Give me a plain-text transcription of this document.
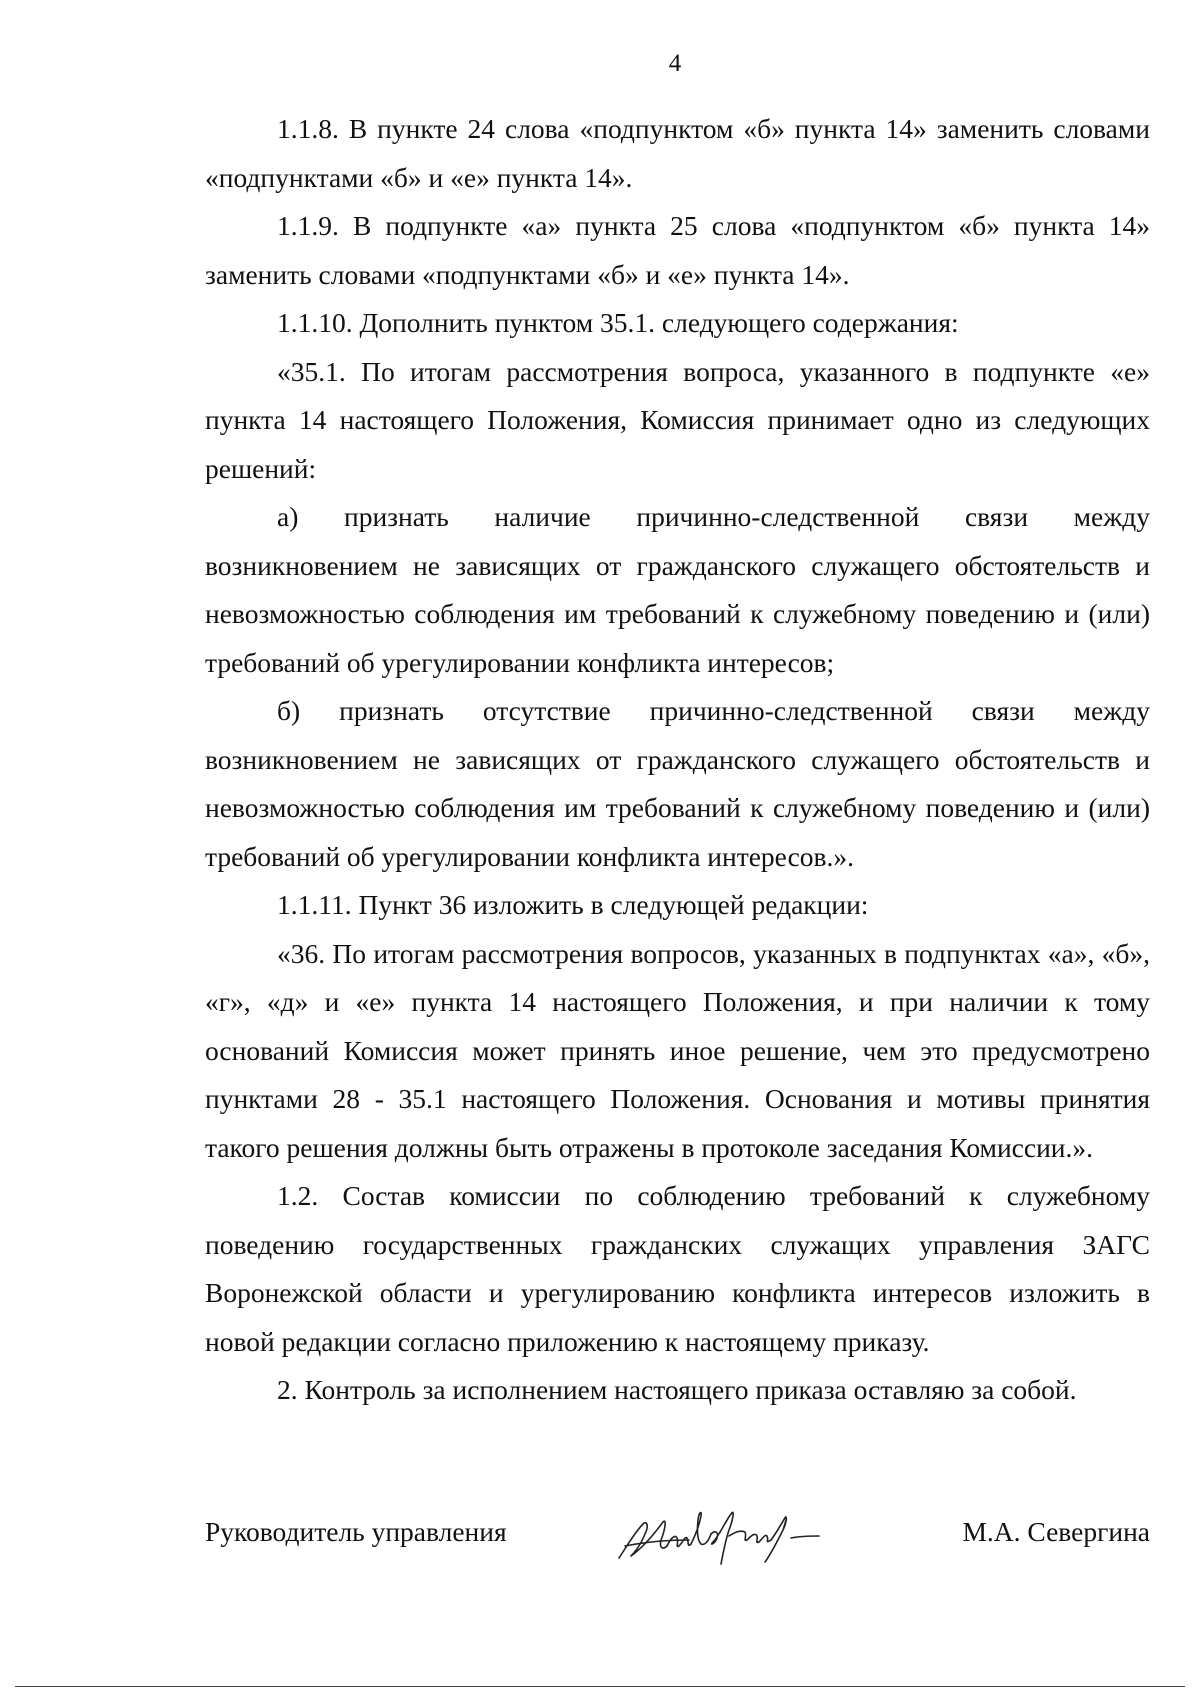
4

1.1.8. В пункте 24 слова «подпунктом «б» пункта 14» заменить словами «подпунктами «б» и «е» пункта 14».

1.1.9. В подпункте «а» пункта 25 слова «подпунктом «б» пункта 14» заменить словами «подпунктами «б» и «е» пункта 14».

1.1.10. Дополнить пунктом 35.1. следующего содержания:

«35.1. По итогам рассмотрения вопроса, указанного в подпункте «е» пункта 14 настоящего Положения, Комиссия принимает одно из следующих решений:

а) признать наличие причинно-следственной связи между возникновением не зависящих от гражданского служащего обстоятельств и невозможностью соблюдения им требований к служебному поведению и (или) требований об урегулировании конфликта интересов;

б) признать отсутствие причинно-следственной связи между возникновением не зависящих от гражданского служащего обстоятельств и невозможностью соблюдения им требований к служебному поведению и (или) требований об урегулировании конфликта интересов.».

1.1.11. Пункт 36 изложить в следующей редакции:

«36. По итогам рассмотрения вопросов, указанных в подпунктах «а», «б», «г», «д» и «е» пункта 14 настоящего Положения, и при наличии к тому оснований Комиссия может принять иное решение, чем это предусмотрено пунктами 28 - 35.1 настоящего Положения. Основания и мотивы принятия такого решения должны быть отражены в протоколе заседания Комиссии.».

1.2. Состав комиссии по соблюдению требований к служебному поведению государственных гражданских служащих управления ЗАГС Воронежской области и урегулированию конфликта интересов изложить в новой редакции согласно приложению к настоящему приказу.

2. Контроль за исполнением настоящего приказа оставляю за собой.

Руководитель управления	М.А. Севергина
